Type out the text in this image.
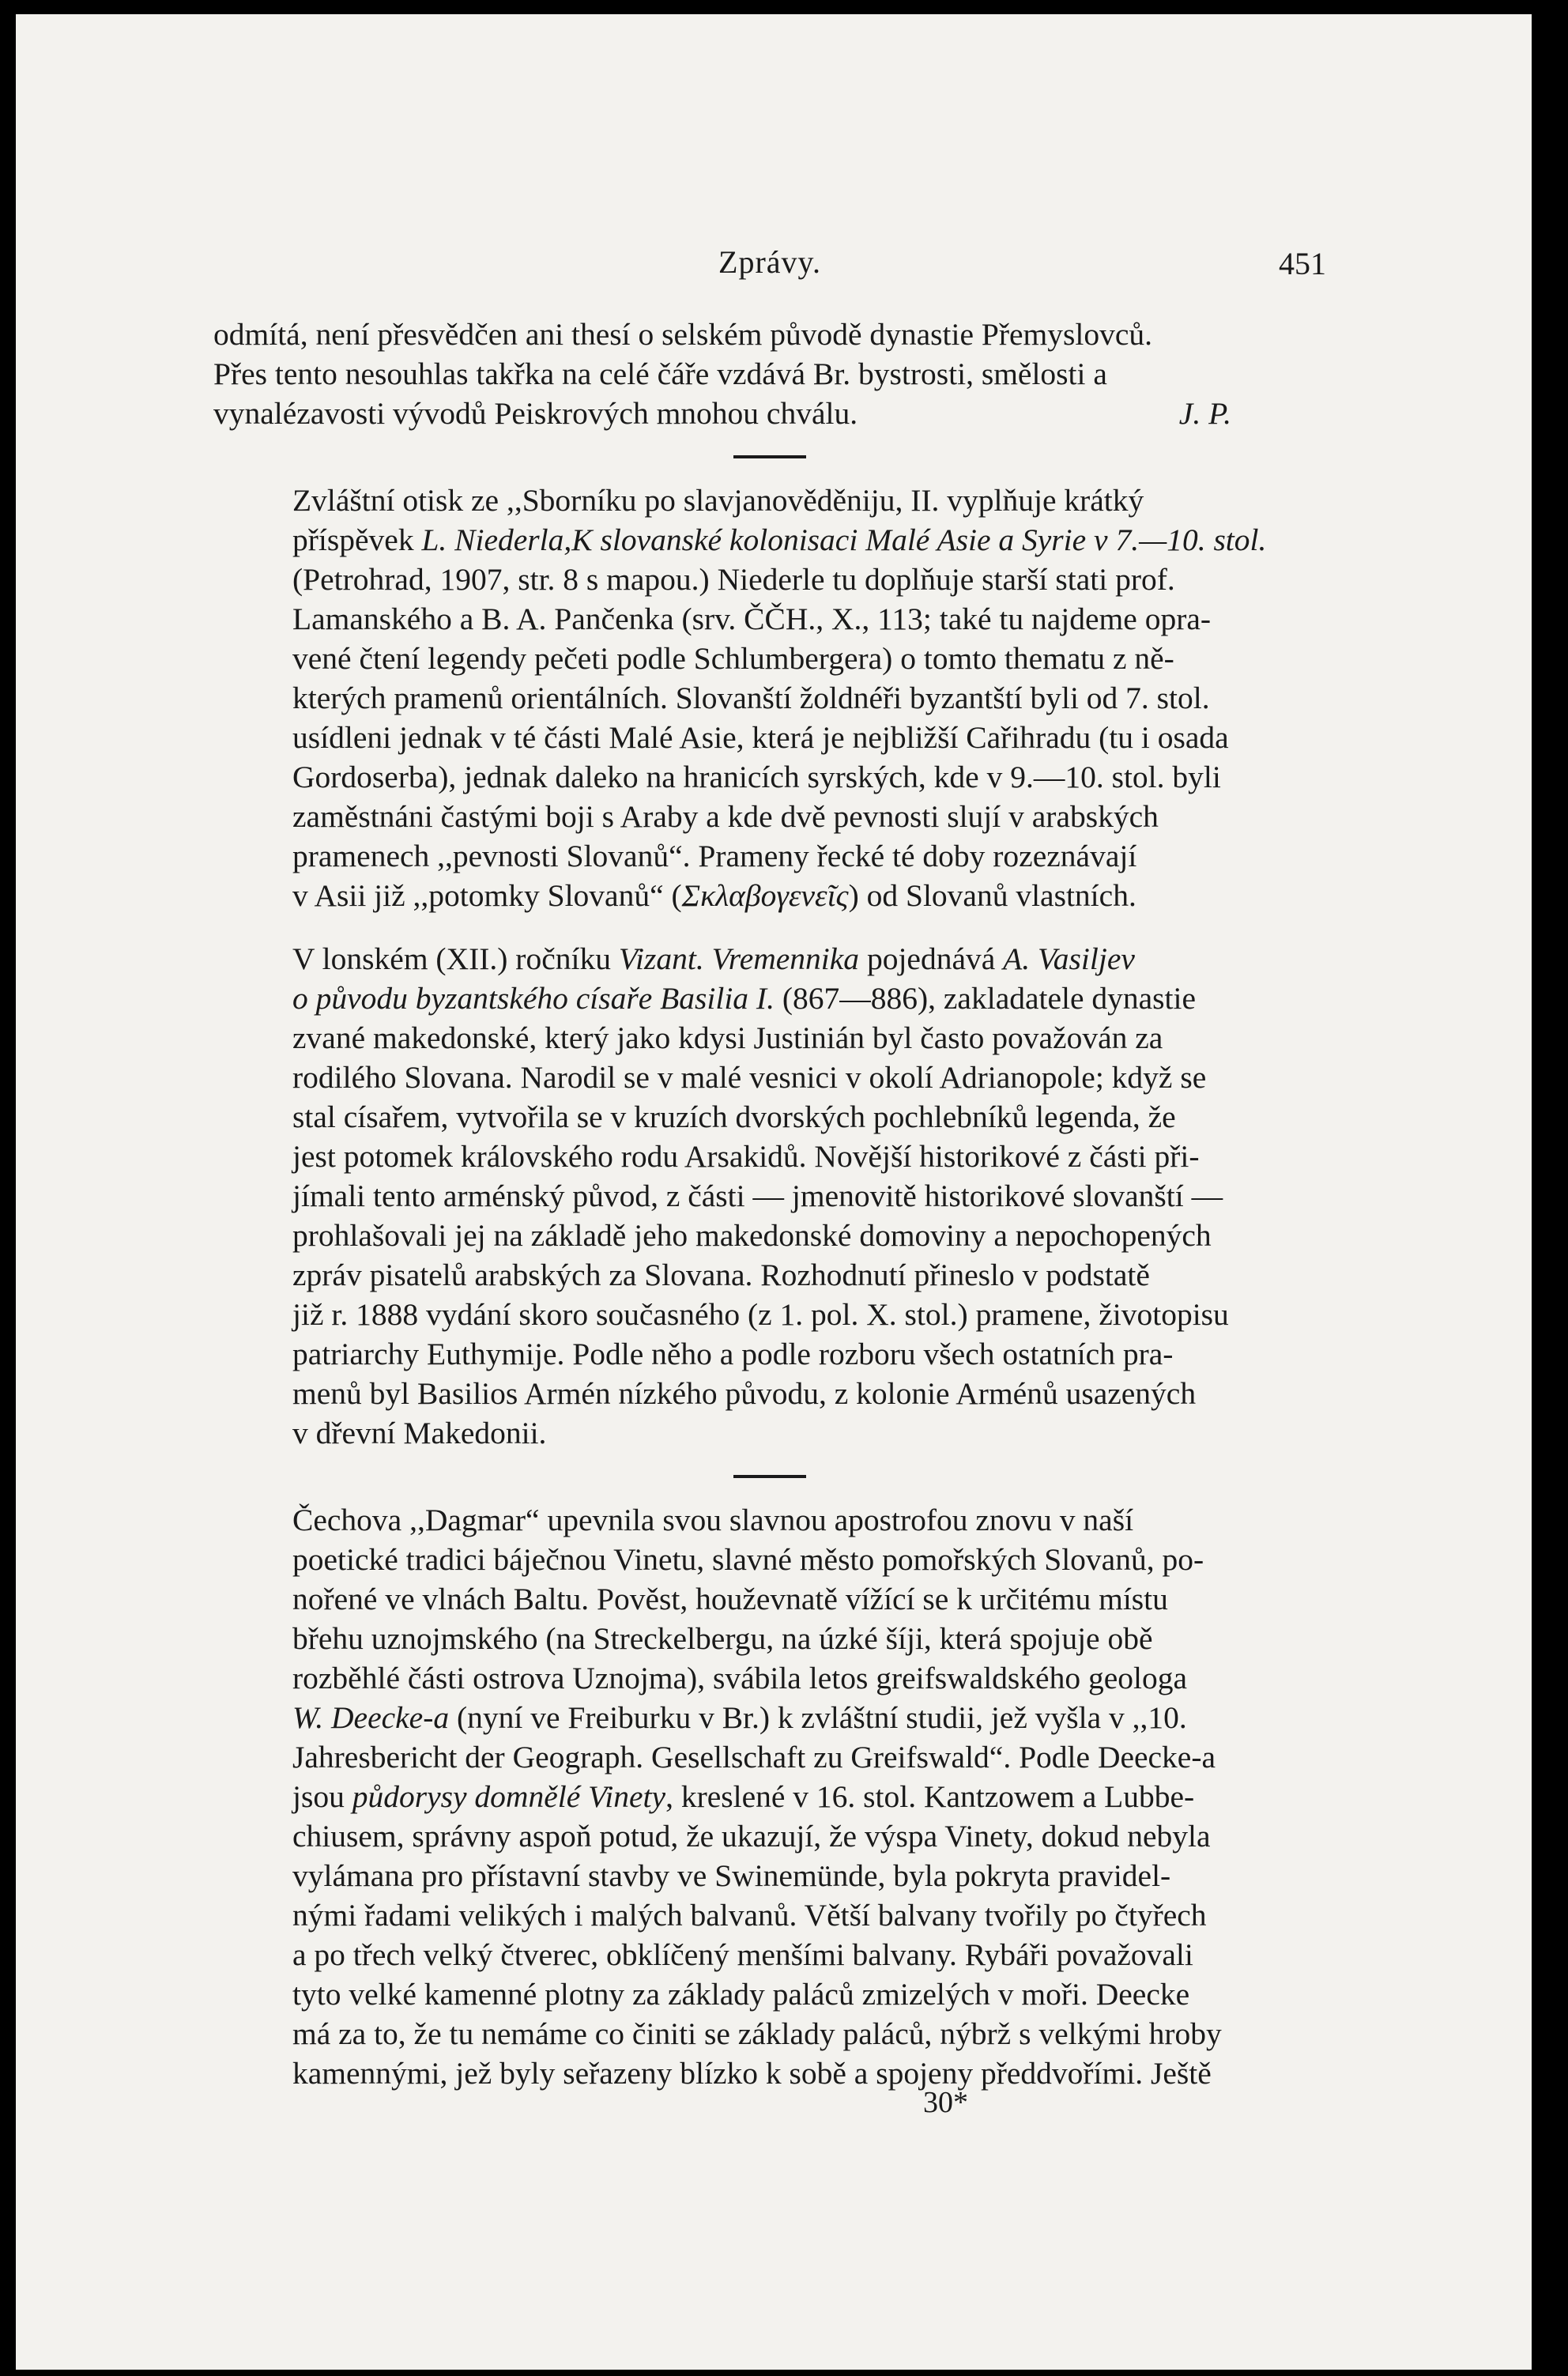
Zprávy.	451

odmítá, není přesvědčen ani thesí o selském původě dynastie Přemyslovců.
Přes tento nesouhlas takřka na celé čáře vzdává Br. bystrosti, smělosti a
vynalézavosti vývodů Peiskrových mnohou chválu.	J. P.

Zvláštní otisk ze ,,Sborníku po slavjanověděniju, II. vyplňuje krátký
příspěvek L. Niederla,K slovanské kolonisaci Malé Asie a Syrie v 7.—10. stol.
(Petrohrad, 1907, str. 8 s mapou.) Niederle tu doplňuje starší stati prof.
Lamanského a B. A. Pančenka (srv. ČČH., X., 113; také tu najdeme opra-
vené čtení legendy pečeti podle Schlumbergera) o tomto thematu z ně-
kterých pramenů orientálních. Slovanští žoldnéři byzantští byli od 7. stol.
usídleni jednak v té části Malé Asie, která je nejbližší Cařihradu (tu i osada
Gordoserba), jednak daleko na hranicích syrských, kde v 9.—10. stol. byli
zaměstnáni častými boji s Araby a kde dvě pevnosti slují v arabských
pramenech ,,pevnosti Slovanů“. Prameny řecké té doby rozeznávají
v Asii již ,,potomky Slovanů“ (Σκλαβογενεῖς) od Slovanů vlastních.

V lonském (XII.) ročníku Vizant. Vremennika pojednává A. Vasiljev
o původu byzantského císaře Basilia I. (867—886), zakladatele dynastie
zvané makedonské, který jako kdysi Justinián byl často považován za
rodilého Slovana. Narodil se v malé vesnici v okolí Adrianopole; když se
stal císařem, vytvořila se v kruzích dvorských pochlebníků legenda, že
jest potomek královského rodu Arsakidů. Novější historikové z části při-
jímali tento arménský původ, z části — jmenovitě historikové slovanští —
prohlašovali jej na základě jeho makedonské domoviny a nepochopených
zpráv pisatelů arabských za Slovana. Rozhodnutí přineslo v podstatě
již r. 1888 vydání skoro současného (z 1. pol. X. stol.) pramene, životopisu
patriarchy Euthymije. Podle něho a podle rozboru všech ostatních pra-
menů byl Basilios Armén nízkého původu, z kolonie Arménů usazených
v dřevní Makedonii.

Čechova ,,Dagmar“ upevnila svou slavnou apostrofou znovu v naší
poetické tradici báječnou Vinetu, slavné město pomořských Slovanů, po-
nořené ve vlnách Baltu. Pověst, houževnatě vížící se k určitému místu
břehu uznojmského (na Streckelbergu, na úzké šíji, která spojuje obě
rozběhlé části ostrova Uznojma), svábila letos greifswaldského geologa
W. Deecke-a (nyní ve Freiburku v Br.) k zvláštní studii, jež vyšla v ,,10.
Jahresbericht der Geograph. Gesellschaft zu Greifswald“. Podle Deecke-a
jsou půdorysy domnělé Vinety, kreslené v 16. stol. Kantzowem a Lubbe-
chiusem, správny aspoň potud, že ukazují, že výspa Vinety, dokud nebyla
vylámana pro přístavní stavby ve Swinemünde, byla pokryta pravidel-
nými řadami velikých i malých balvanů. Větší balvany tvořily po čtyřech
a po třech velký čtverec, obklíčený menšími balvany. Rybáři považovali
tyto velké kamenné plotny za základy paláců zmizelých v moři. Deecke
má za to, že tu nemáme co činiti se základy paláců, nýbrž s velkými hroby
kamennými, jež byly seřazeny blízko k sobě a spojeny předdvořími. Ještě

30*
